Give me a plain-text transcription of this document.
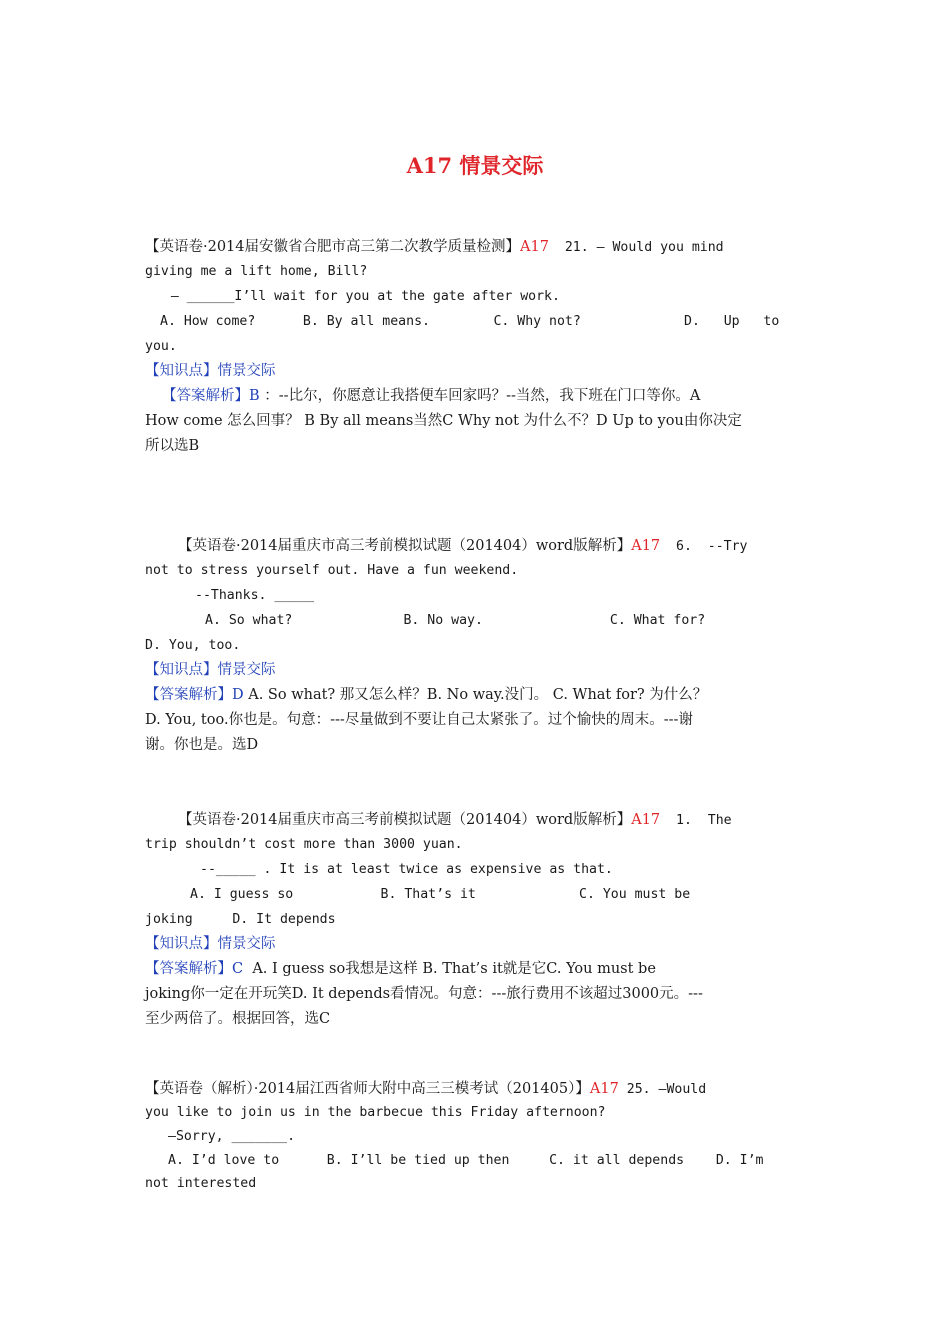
A17 情景交际
【英语卷·2014届安徽省合肥市高三第二次教学质量检测】A17  21. — Would you mind
giving me a lift home, Bill?
— ______I’ll wait for you at the gate after work.
A. How come?      B. By all means.        C. Why not?             D.   Up   to
you.
【知识点】情景交际
【答案解析】B ：--比尔，你愿意让我搭便车回家吗？--当然，我下班在门口等你。A
How come 怎么回事？ B By all means当然C Why not 为什么不？D Up to you由你决定
所以选B
【英语卷·2014届重庆市高三考前模拟试题（201404）word版解析】A17  6.  --Try
not to stress yourself out. Have a fun weekend.
--Thanks. _____
A. So what?              B. No way.                C. What for?
D. You, too.
【知识点】情景交际
【答案解析】D A. So what? 那又怎么样？B. No way.没门。 C. What for? 为什么？
D. You, too.你也是。句意：---尽量做到不要让自己太紧张了。过个愉快的周末。---谢
谢。你也是。选D
【英语卷·2014届重庆市高三考前模拟试题（201404）word版解析】A17  1.  The
trip shouldn’t cost more than 3000 yuan.
--_____ . It is at least twice as expensive as that.
A. I guess so           B. That’s it             C. You must be
joking     D. It depends
【知识点】情景交际
【答案解析】C  A. I guess so我想是这样 B. That’s it就是它C. You must be
joking你一定在开玩笑D. It depends看情况。句意：---旅行费用不该超过3000元。---
至少两倍了。根据回答，选C
【英语卷（解析）·2014届江西省师大附中高三三模考试（201405）】A17 25. —Would
you like to join us in the barbecue this Friday afternoon?
—Sorry, _______.
A. I’d love to      B. I’ll be tied up then     C. it all depends    D. I’m
not interested
